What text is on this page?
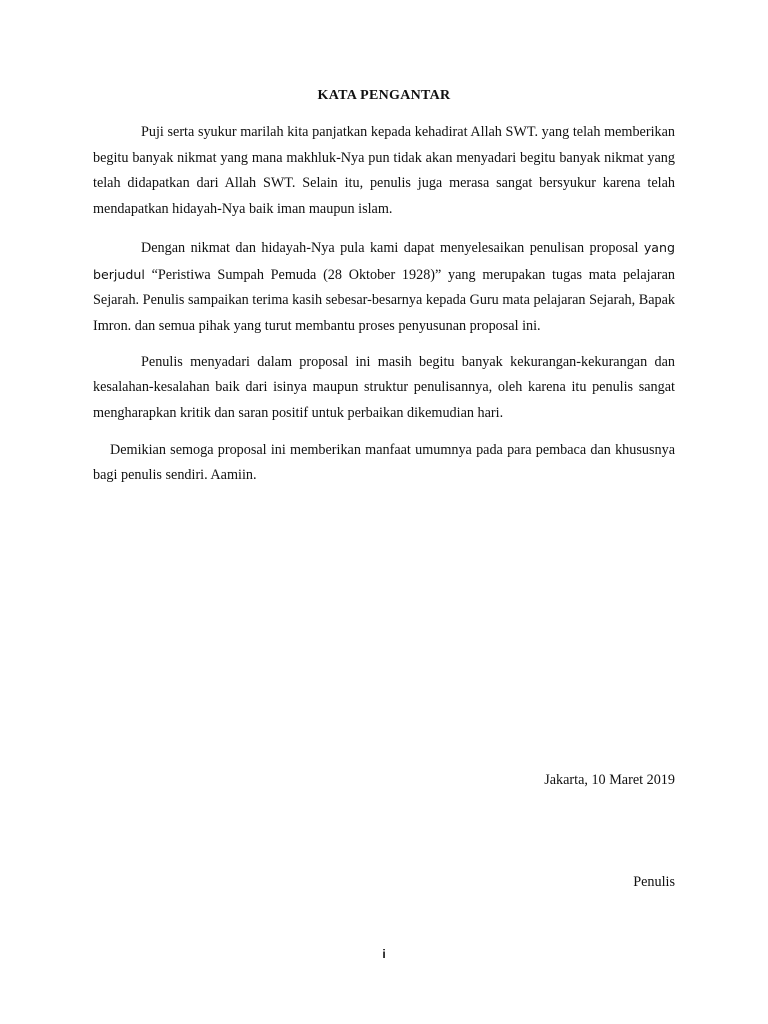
KATA PENGANTAR

Puji serta syukur marilah kita panjatkan kepada kehadirat Allah SWT. yang telah memberikan begitu banyak nikmat yang mana makhluk-Nya pun tidak akan menyadari begitu banyak nikmat yang telah didapatkan dari Allah SWT. Selain itu, penulis juga merasa sangat bersyukur karena telah mendapatkan hidayah-Nya baik iman maupun islam.

Dengan nikmat dan hidayah-Nya pula kami dapat menyelesaikan penulisan proposal yang berjudul “Peristiwa Sumpah Pemuda (28 Oktober 1928)” yang merupakan tugas mata pelajaran Sejarah. Penulis sampaikan terima kasih sebesar-besarnya kepada Guru mata pelajaran Sejarah, Bapak Imron. dan semua pihak yang turut membantu proses penyusunan proposal ini.

Penulis menyadari dalam proposal ini masih begitu banyak kekurangan-kekurangan dan kesalahan-kesalahan baik dari isinya maupun struktur penulisannya, oleh karena itu penulis sangat mengharapkan kritik dan saran positif untuk perbaikan dikemudian hari.

Demikian semoga proposal ini memberikan manfaat umumnya pada para pembaca dan khususnya bagi penulis sendiri. Aamiin.

Jakarta, 10 Maret 2019
Penulis
i
